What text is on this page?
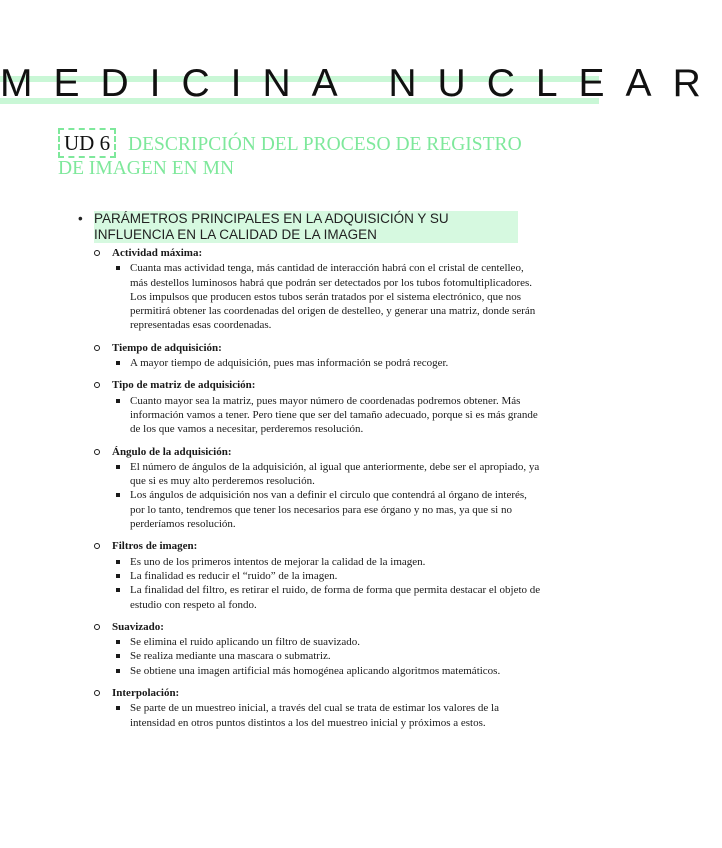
MEDICINA NUCLEAR
UD 6 DESCRIPCIÓN DEL PROCESO DE REGISTRO DE IMAGEN EN MN
• PARÁMETROS PRINCIPALES EN LA ADQUISICIÓN Y SU INFLUENCIA EN LA CALIDAD DE LA IMAGEN
Actividad máxima:
Cuanta mas actividad tenga, más cantidad de interacción habrá con el cristal de centelleo, más destellos luminosos habrá que podrán ser detectados por los tubos fotomultiplicadores. Los impulsos que producen estos tubos serán tratados por el sistema electrónico, que nos permitirá obtener las coordenadas del origen de destelleo, y generar una matriz, donde serán representadas esas coordenadas.
Tiempo de adquisición:
A mayor tiempo de adquisición, pues mas información se podrá recoger.
Tipo de matriz de adquisición:
Cuanto mayor sea la matriz, pues mayor número de coordenadas podremos obtener. Más información vamos a tener. Pero tiene que ser del tamaño adecuado, porque si es más grande de los que vamos a necesitar, perderemos resolución.
Ángulo de la adquisición:
El número de ángulos de la adquisición, al igual que anteriormente, debe ser el apropiado, ya que si es muy alto perderemos resolución.
Los ángulos de adquisición nos van a definir el circulo que contendrá al órgano de interés, por lo tanto, tendremos que tener los necesarios para ese órgano y no mas, ya que si no perderíamos resolución.
Filtros de imagen:
Es uno de los primeros intentos de mejorar la calidad de la imagen.
La finalidad es reducir el “ruido” de la imagen.
La finalidad del filtro, es retirar el ruido, de forma de forma que permita destacar el objeto de estudio con respeto al fondo.
Suavizado:
Se elimina el ruido aplicando un filtro de suavizado.
Se realiza mediante una mascara o submatriz.
Se obtiene una imagen artificial más homogénea aplicando algoritmos matemáticos.
Interpolación:
Se parte de un muestreo inicial, a través del cual se trata de estimar los valores de la intensidad en otros puntos distintos a los del muestreo inicial y próximos a estos.
